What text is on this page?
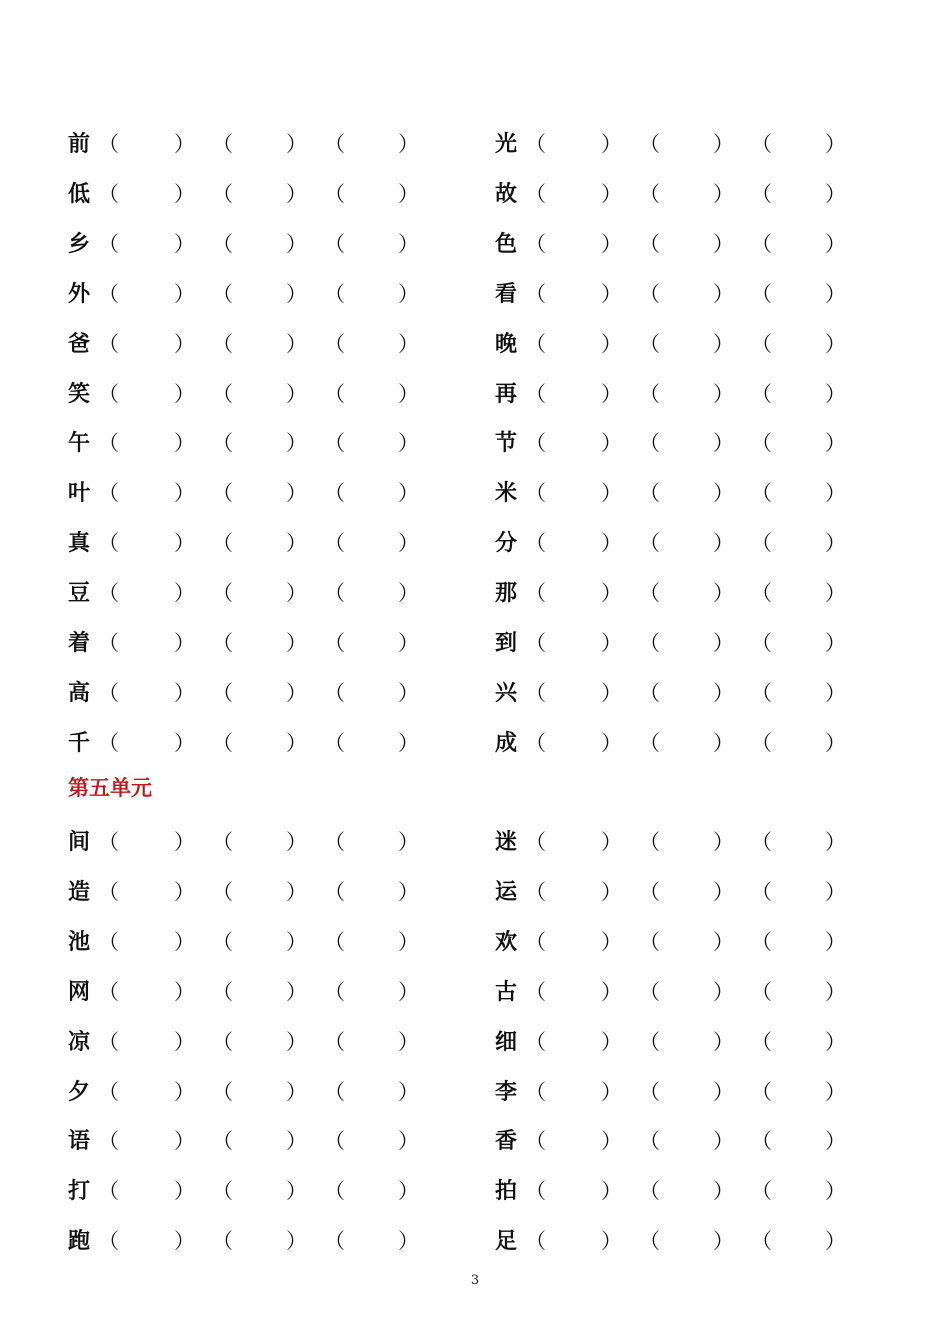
前 （	） （	） （	）	光 （	） （	） （	）
低 （	） （	） （	）	故 （	） （	） （	）
乡 （	） （	） （	）	色 （	） （	） （	）
外 （	） （	） （	）	看 （	） （	） （	）
爸 （	） （	） （	）	晚 （	） （	） （	）
笑 （	） （	） （	）	再 （	） （	） （	）
午 （	） （	） （	）	节 （	） （	） （	）
叶 （	） （	） （	）	米 （	） （	） （	）
真 （	） （	） （	）	分 （	） （	） （	）
豆 （	） （	） （	）	那 （	） （	） （	）
着 （	） （	） （	）	到 （	） （	） （	）
高 （	） （	） （	）	兴 （	） （	） （	）
千 （	） （	） （	）	成 （	） （	） （	）
第五单元
间 （	） （	） （	）	迷 （	） （	） （	）
造 （	） （	） （	）	运 （	） （	） （	）
池 （	） （	） （	）	欢 （	） （	） （	）
网 （	） （	） （	）	古 （	） （	） （	）
凉 （	） （	） （	）	细 （	） （	） （	）
夕 （	） （	） （	）	李 （	） （	） （	）
语 （	） （	） （	）	香 （	） （	） （	）
打 （	） （	） （	）	拍 （	） （	） （	）
跑 （	） （	） （	）	足 （	） （	） （	）
3
